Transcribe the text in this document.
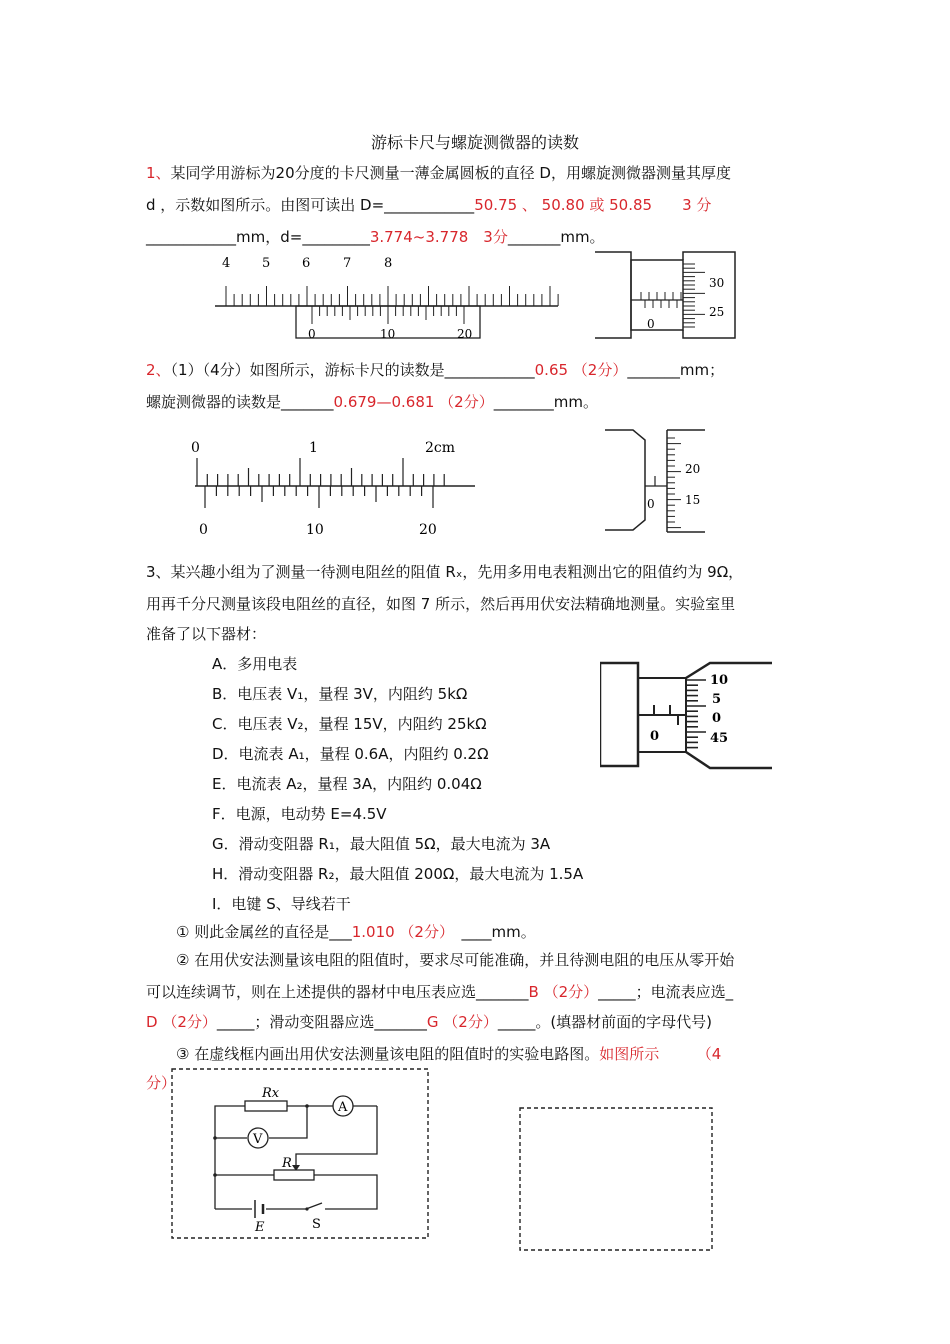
游标卡尺与螺旋测微器的读数
1、某同学用游标为20分度的卡尺测量一薄金属圆板的直径 D，用螺旋测微器测量其厚度
d ，示数如图所示。由图可读出 D=____________50.75 、 50.80 或 50.85　　3 分
____________mm，d=_________3.774~3.778　3分_______mm。
4 5 6	7	8
0	10	20
30
25
0
2、（1）（4分）如图所示，游标卡尺的读数是____________0.65 （2分）_______mm；
螺旋测微器的读数是_______0.679—0.681 （2分）________mm。
0	1	2cm
0	10	20
20
15
0
3、某兴趣小组为了测量一待测电阻丝的阻值 Rₓ，先用多用电表粗测出它的阻值约为 9Ω，
用再千分尺测量该段电阻丝的直径，如图 7 所示，然后再用伏安法精确地测量。实验室里
准备了以下器材：
A．多用电表
B．电压表 V₁，量程 3V，内阻约 5kΩ
C．电压表 V₂，量程 15V，内阻约 25kΩ
D．电流表 A₁，量程 0.6A，内阻约 0.2Ω
E．电流表 A₂，量程 3A，内阻约 0.04Ω
F．电源，电动势 E=4.5V
G．滑动变阻器 R₁，最大阻值 5Ω，最大电流为 3A
H．滑动变阻器 R₂，最大阻值 200Ω，最大电流为 1.5A
I．电键 S、导线若干
10
5
0
45
0
① 则此金属丝的直径是___1.010 （2分）　____mm。
② 在用伏安法测量该电阻的阻值时，要求尽可能准确，并且待测电阻的电压从零开始
可以连续调节，则在上述提供的器材中电压表应选_______B （2分）_____；电流表应选_
D （2分）_____；滑动变阻器应选_______G （2分）_____。(填器材前面的字母代号)
③ 在虚线框内画出用伏安法测量该电阻的阻值时的实验电路图。如图所示　　　（4
分）
Rx
A
V
R
E	S
